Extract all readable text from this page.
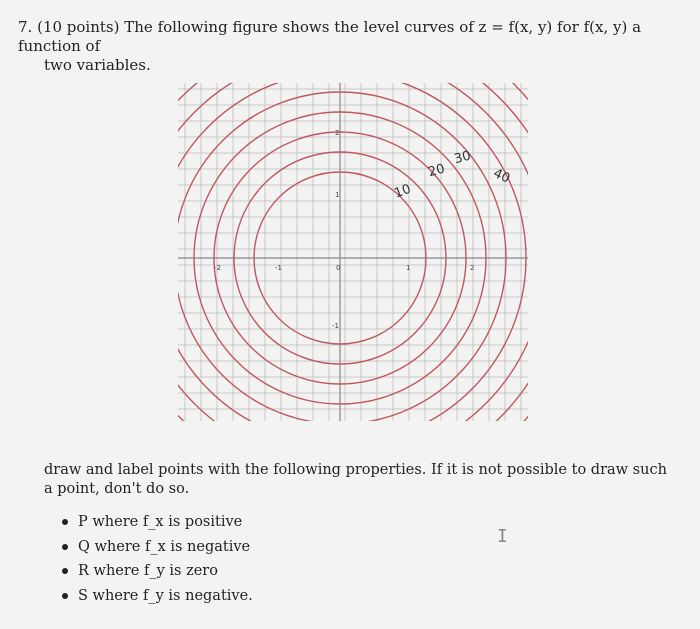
7. (10 points) The following figure shows the level curves of z = f(x, y) for f(x, y) a function of
two variables.
2
1
0
-1
-2	-1	1	2
10
20
30
40
draw and label points with the following properties. If it is not possible to draw such a point, don't do so.
P where f_x is positive
Q where f_x is negative
R where f_y is zero
S where f_y is negative.
I
